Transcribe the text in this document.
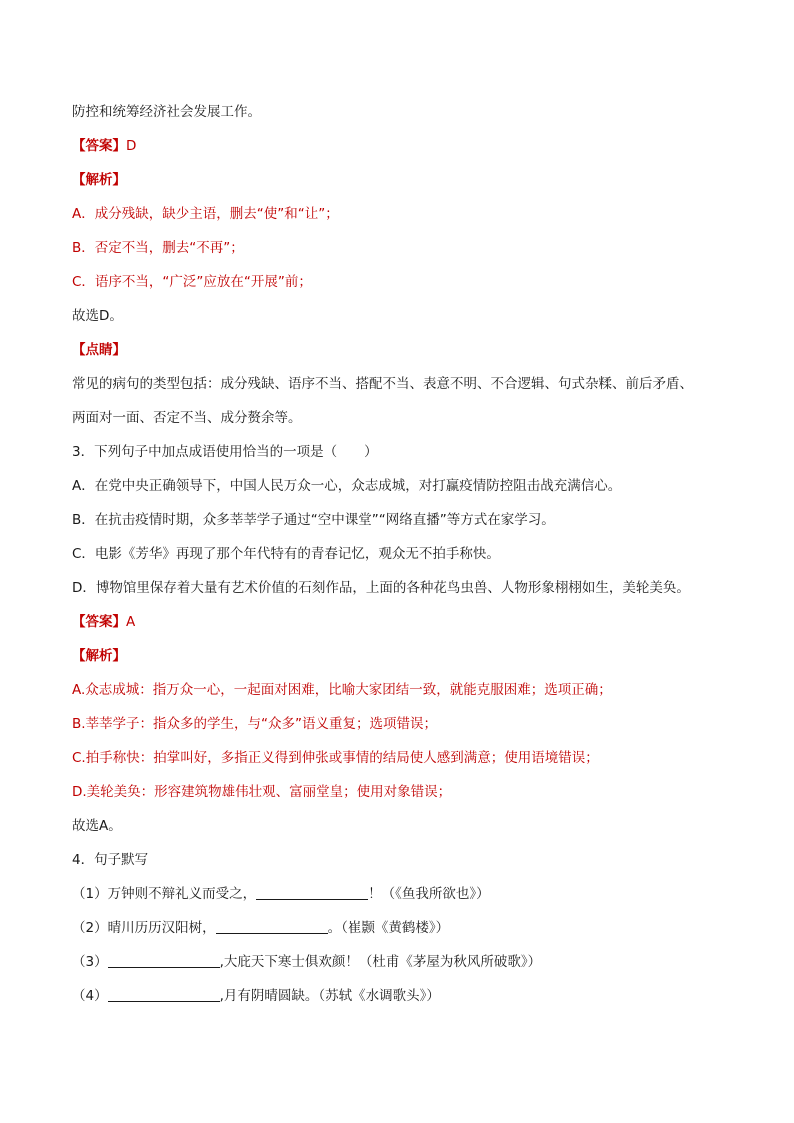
防控和统筹经济社会发展工作。
【答案】D
【解析】
A．成分残缺，缺少主语，删去“使”和“让”；
B．否定不当，删去“不再”；
C．语序不当，“广泛”应放在“开展”前；
故选D。
【点睛】
常见的病句的类型包括：成分残缺、语序不当、搭配不当、表意不明、不合逻辑、句式杂糅、前后矛盾、
两面对一面、否定不当、成分赘余等。
3．下列句子中加点成语使用恰当的一项是（　　）
A．在党中央正确领导下，中国人民万众一心，众志成城，对打赢疫情防控阻击战充满信心。
B．在抗击疫情时期，众多莘莘学子通过“空中课堂”“网络直播”等方式在家学习。
C．电影《芳华》再现了那个年代特有的青春记忆，观众无不拍手称快。
D．博物馆里保存着大量有艺术价值的石刻作品，上面的各种花鸟虫兽、人物形象栩栩如生，美轮美奂。
【答案】A
【解析】
A.众志成城：指万众一心，一起面对困难，比喻大家团结一致，就能克服困难；选项正确；
B.莘莘学子：指众多的学生，与“众多”语义重复；选项错误；
C.拍手称快：拍掌叫好，多指正义得到伸张或事情的结局使人感到满意；使用语境错误；
D.美轮美奂：形容建筑物雄伟壮观、富丽堂皇；使用对象错误；
故选A。
4．句子默写
（1）万钟则不辩礼义而受之，	！（《鱼我所欲也》）
（2）晴川历历汉阳树，	。（崔颢《黄鹤楼》）
（3）	,大庇天下寒士俱欢颜！（杜甫《茅屋为秋风所破歌》）
（4）	,月有阴晴圆缺。（苏轼《水调歌头》）
